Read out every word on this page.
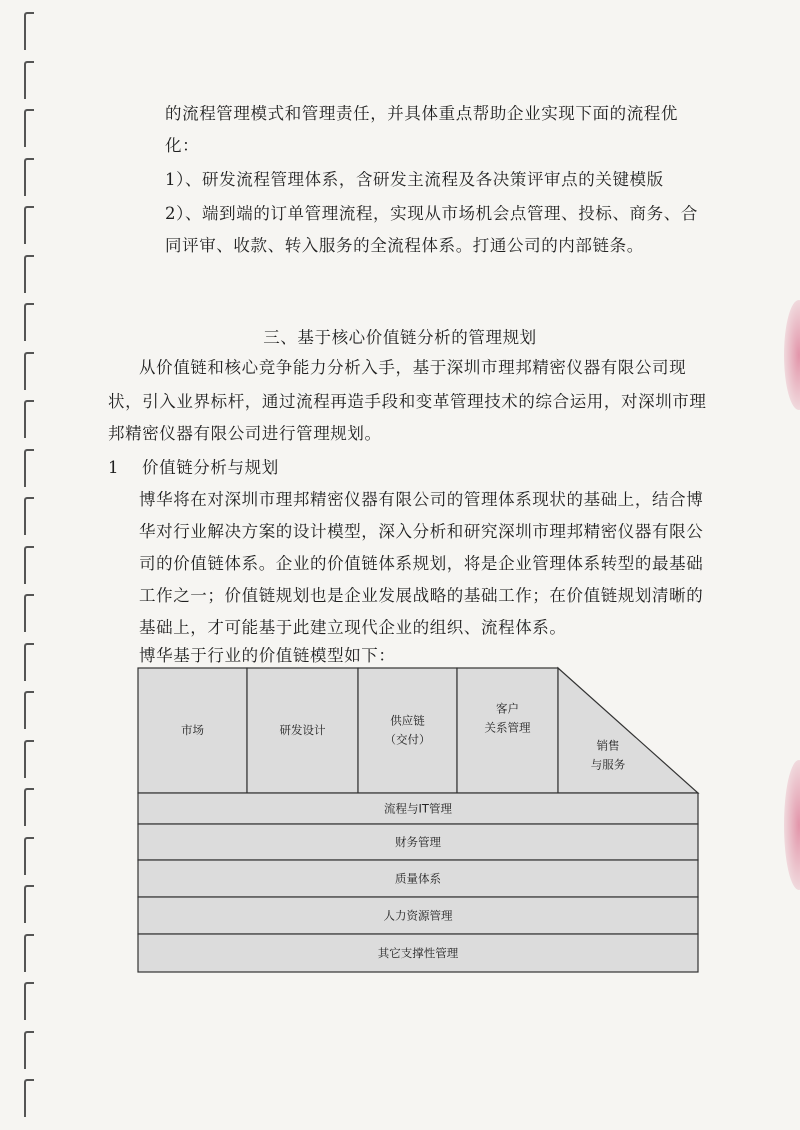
的流程管理模式和管理责任，并具体重点帮助企业实现下面的流程优
化：
1）、研发流程管理体系，含研发主流程及各决策评审点的关键模版
2）、端到端的订单管理流程，实现从市场机会点管理、投标、商务、合
同评审、收款、转入服务的全流程体系。打通公司的内部链条。
三、基于核心价值链分析的管理规划
从价值链和核心竞争能力分析入手，基于深圳市理邦精密仪器有限公司现
状，引入业界标杆，通过流程再造手段和变革管理技术的综合运用，对深圳市理
邦精密仪器有限公司进行管理规划。
1 价值链分析与规划
博华将在对深圳市理邦精密仪器有限公司的管理体系现状的基础上，结合博
华对行业解决方案的设计模型，深入分析和研究深圳市理邦精密仪器有限公
司的价值链体系。企业的价值链体系规划，将是企业管理体系转型的最基础
工作之一；价值链规划也是企业发展战略的基础工作；在价值链规划清晰的
基础上，才可能基于此建立现代企业的组织、流程体系。
博华基于行业的价值链模型如下：
市场	研发设计
供应链
（交付）
客户
关系管理
销售
与服务
流程与IT管理
财务管理
质量体系
人力资源管理
其它支撑性管理
